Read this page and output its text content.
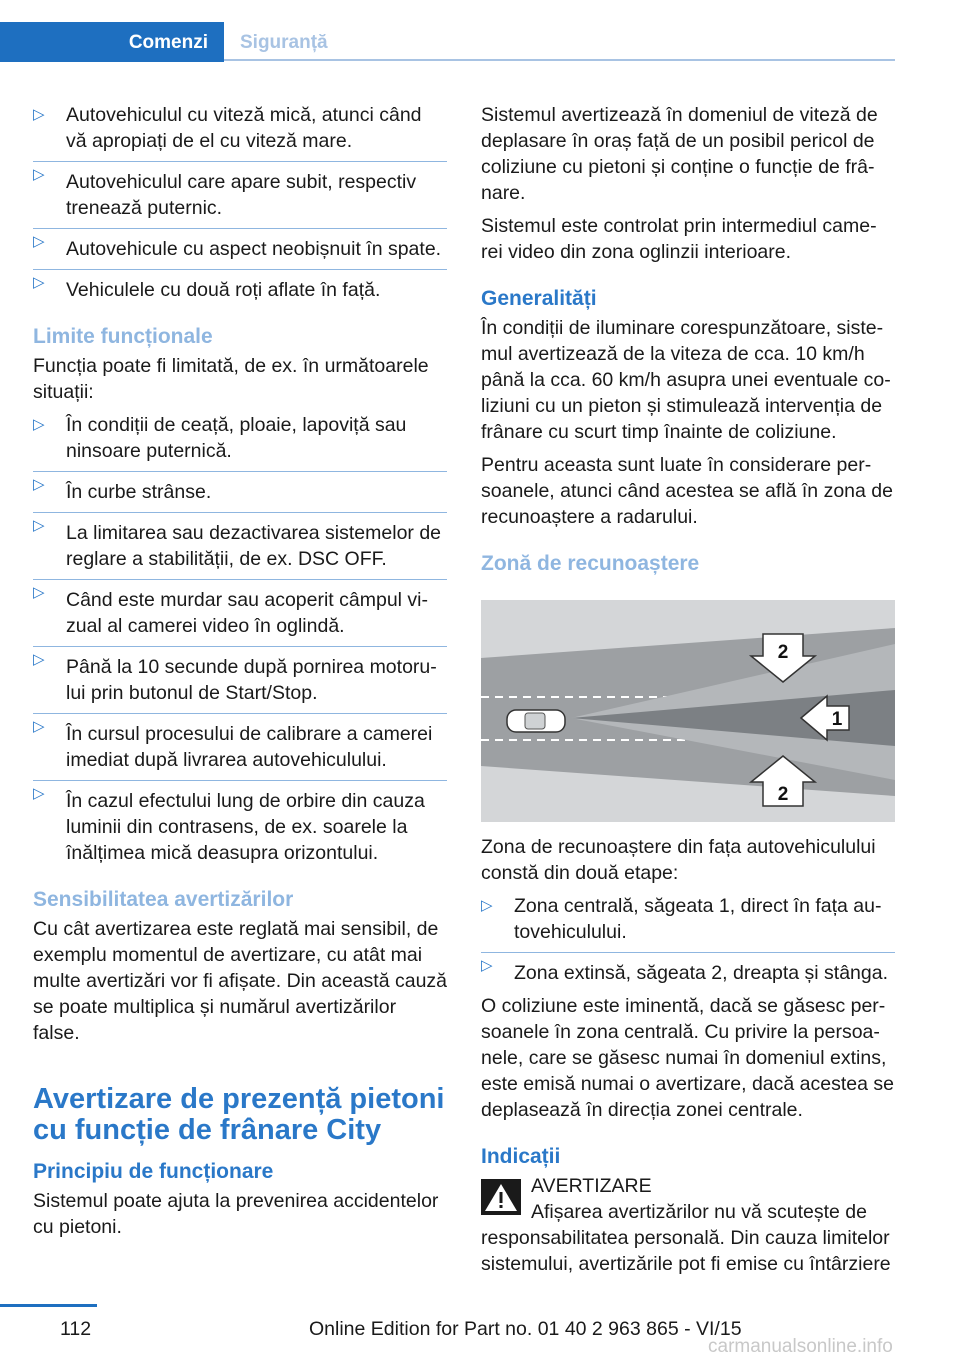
Comenzi	Siguranță
▷ Autovehiculul cu viteză mică, atunci când vă apropiați de el cu viteză mare.
▷ Autovehiculul care apare subit, respectiv trenează puternic.
▷ Autovehicule cu aspect neobișnuit în spate.
▷ Vehiculele cu două roți aflate în față.
Limite funcționale

Funcția poate fi limitată, de ex. în următoarele situații:

▷ În condiții de ceață, ploaie, lapoviță sau ninsoare puternică.
▷ În curbe strânse.
▷ La limitarea sau dezactivarea sistemelor de reglare a stabilității, de ex. DSC OFF.
▷ Când este murdar sau acoperit câmpul vi‐zual al camerei video în oglindă.
▷ Până la 10 secunde după pornirea motoru‐lui prin butonul de Start/Stop.
▷ În cursul procesului de calibrare a camerei imediat după livrarea autovehiculului.
▷ În cazul efectului lung de orbire din cauza luminii din contrasens, de ex. soarele la înălțimea mică deasupra orizontului.
Sensibilitatea avertizărilor

Cu cât avertizarea este reglată mai sensibil, de exemplu momentul de avertizare, cu atât mai multe avertizări vor fi afișate. Din această cauză se poate multiplica și numărul avertizărilor false.

Avertizare de prezență pietoni cu funcție de frânare City
Principiu de funcționare

Sistemul poate ajuta la prevenirea accidentelor cu pietoni.

Sistemul avertizează în domeniul de viteză de deplasare în oraș față de un posibil pericol de coliziune cu pietoni și conține o funcție de frâ‐nare.

Sistemul este controlat prin intermediul came‐rei video din zona oglinzii interioare.

Generalități

În condiții de iluminare corespunzătoare, siste‐mul avertizează de la viteza de cca. 10 km/h până la cca. 60 km/h asupra unei eventuale co‐liziuni cu un pieton și stimulează intervenția de frânare cu scurt timp înainte de coliziune.

Pentru aceasta sunt luate în considerare per‐soanele, atunci când acestea se află în zona de recunoaștere a radarului.

Zonă de recunoaștere
2
1
2

Zona de recunoaștere din fața autovehiculului constă din două etape:

▷ Zona centrală, săgeata 1, direct în fața au‐tovehiculului.
▷ Zona extinsă, săgeata 2, dreapta și stânga.

O coliziune este iminentă, dacă se găsesc per‐soanele în zona centrală. Cu privire la persoa‐nele, care se găsesc numai în domeniul extins, este emisă numai o avertizare, dacă acestea se deplasează în direcția zonei centrale.

Indicații
AVERTIZARE
Afișarea avertizărilor nu vă scutește de responsabilitatea personală. Din cauza limitelor sistemului, avertizările pot fi emise cu întârziere
112	Online Edition for Part no. 01 40 2 963 865 - VI/15
carmanualsonline.info
